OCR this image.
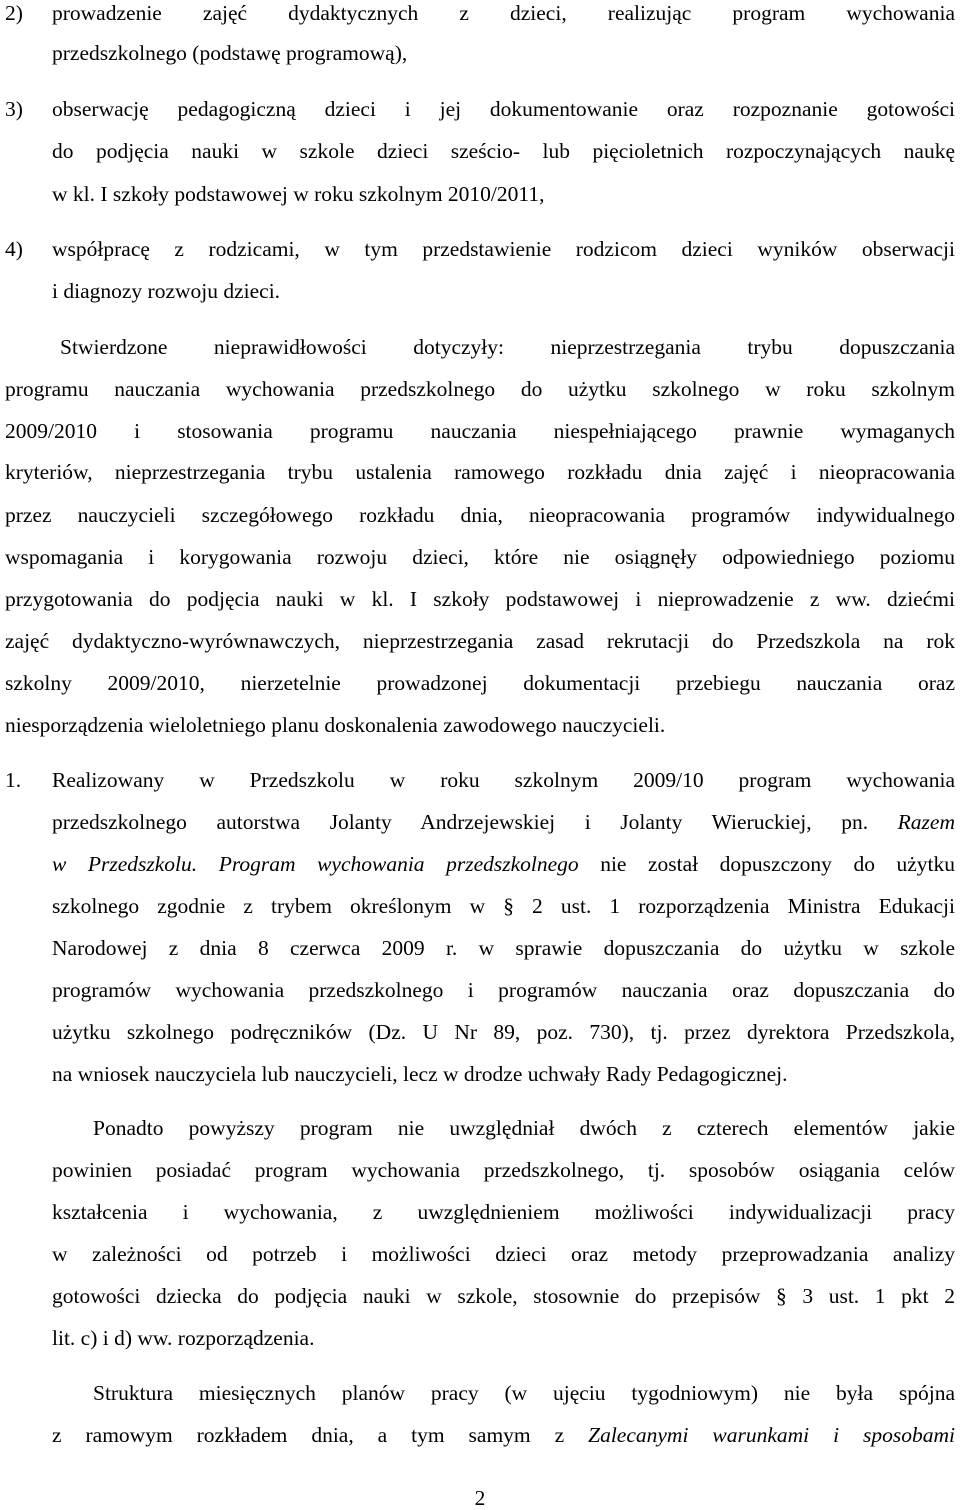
2) prowadzenie zajęć dydaktycznych z dzieci, realizując program wychowania
przedszkolnego (podstawę programową),
3) obserwację pedagogiczną dzieci i jej dokumentowanie oraz rozpoznanie gotowości
do podjęcia nauki w szkole dzieci sześcio- lub pięcioletnich rozpoczynających naukę
w kl. I szkoły podstawowej w roku szkolnym 2010/2011,
4) współpracę z rodzicami, w tym przedstawienie rodzicom dzieci wyników obserwacji
i diagnozy rozwoju dzieci.
Stwierdzone nieprawidłowości dotyczyły: nieprzestrzegania trybu dopuszczania
programu nauczania wychowania przedszkolnego do użytku szkolnego w roku szkolnym
2009/2010 i stosowania programu nauczania niespełniającego prawnie wymaganych
kryteriów, nieprzestrzegania trybu ustalenia ramowego rozkładu dnia zajęć i nieopracowania
przez nauczycieli szczegółowego rozkładu dnia, nieopracowania programów indywidualnego
wspomagania i korygowania rozwoju dzieci, które nie osiągnęły odpowiedniego poziomu
przygotowania do podjęcia nauki w kl. I szkoły podstawowej i nieprowadzenie z ww. dziećmi
zajęć dydaktyczno-wyrównawczych, nieprzestrzegania zasad rekrutacji do Przedszkola na rok
szkolny 2009/2010, nierzetelnie prowadzonej dokumentacji przebiegu nauczania oraz
niesporządzenia wieloletniego planu doskonalenia zawodowego nauczycieli.
1. Realizowany w Przedszkolu w roku szkolnym 2009/10 program wychowania
przedszkolnego autorstwa Jolanty Andrzejewskiej i Jolanty Wieruckiej, pn. Razem
w Przedszkolu. Program wychowania przedszkolnego nie został dopuszczony do użytku
szkolnego zgodnie z trybem określonym w § 2 ust. 1 rozporządzenia Ministra Edukacji
Narodowej z dnia 8 czerwca 2009 r. w sprawie dopuszczania do użytku w szkole
programów wychowania przedszkolnego i programów nauczania oraz dopuszczania do
użytku szkolnego podręczników (Dz. U Nr 89, poz. 730), tj. przez dyrektora Przedszkola,
na wniosek nauczyciela lub nauczycieli, lecz w drodze uchwały Rady Pedagogicznej.
Ponadto powyższy program nie uwzględniał dwóch z czterech elementów jakie
powinien posiadać program wychowania przedszkolnego, tj. sposobów osiągania celów
kształcenia i wychowania, z uwzględnieniem możliwości indywidualizacji pracy
w zależności od potrzeb i możliwości dzieci oraz metody przeprowadzania analizy
gotowości dziecka do podjęcia nauki w szkole, stosownie do przepisów § 3 ust. 1 pkt 2
lit. c) i d) ww. rozporządzenia.
Struktura miesięcznych planów pracy (w ujęciu tygodniowym) nie była spójna
z ramowym rozkładem dnia, a tym samym z Zalecanymi warunkami i sposobami
2
